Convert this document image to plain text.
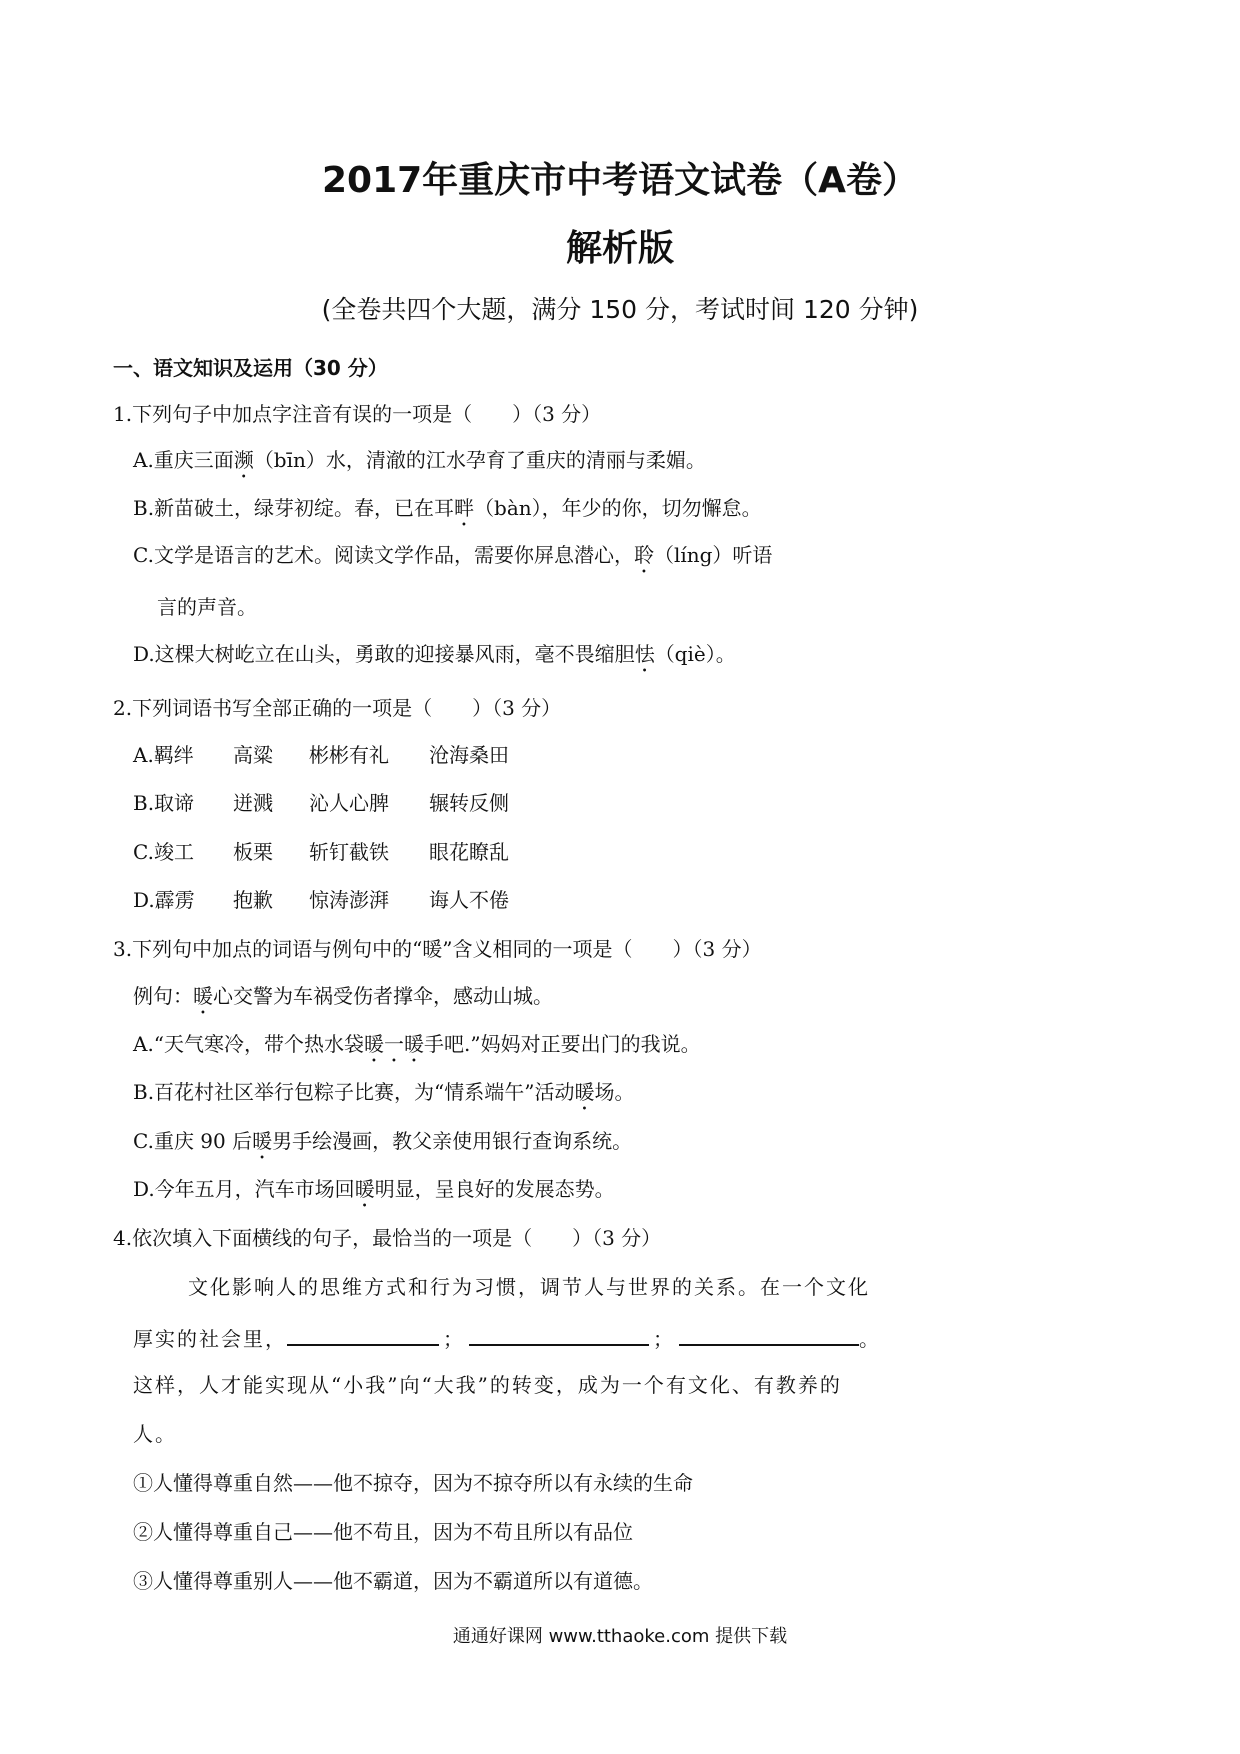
2017年重庆市中考语文试卷（A卷）
解析版
(全卷共四个大题，满分 150 分，考试时间 120 分钟)
一、语文知识及运用（30 分）
1.下列句子中加点字注音有误的一项是（　　）（3 分）
A.重庆三面濒（bīn）水，清澈的江水孕育了重庆的清丽与柔媚。
B.新苗破土，绿芽初绽。春，已在耳畔（bàn），年少的你，切勿懈怠。
C.文学是语言的艺术。阅读文学作品，需要你屏息潜心，聆（líng）听语
言的声音。
D.这棵大树屹立在山头，勇敢的迎接暴风雨，毫不畏缩胆怯（qiè）。
2.下列词语书写全部正确的一项是（　　）（3 分）
A.羁绊 高粱 彬彬有礼 沧海桑田
B.取谛 迸溅 沁人心脾 辗转反侧
C.竣工 板栗 斩钉截铁 眼花瞭乱
D.霹雳 抱歉 惊涛澎湃 诲人不倦
3.下列句中加点的词语与例句中的“暖”含义相同的一项是（　　）（3 分）
例句：暖心交警为车祸受伤者撑伞，感动山城。
A.“天气寒冷，带个热水袋暖一暖手吧.”妈妈对正要出门的我说。
B.百花村社区举行包粽子比赛，为“情系端午”活动暖场。
C.重庆 90 后暖男手绘漫画，教父亲使用银行查询系统。
D.今年五月，汽车市场回暖明显，呈良好的发展态势。
4.依次填入下面横线的句子，最恰当的一项是（　　）（3 分）
文化影响人的思维方式和行为习惯，调节人与世界的关系。在一个文化
厚实的社会里，	；	；	。
这样，人才能实现从“小我”向“大我”的转变，成为一个有文化、有教养的
人。
①人懂得尊重自然——他不掠夺，因为不掠夺所以有永续的生命
②人懂得尊重自己——他不苟且，因为不苟且所以有品位
③人懂得尊重别人——他不霸道，因为不霸道所以有道德。
通通好课网 www.tthaoke.com 提供下载
